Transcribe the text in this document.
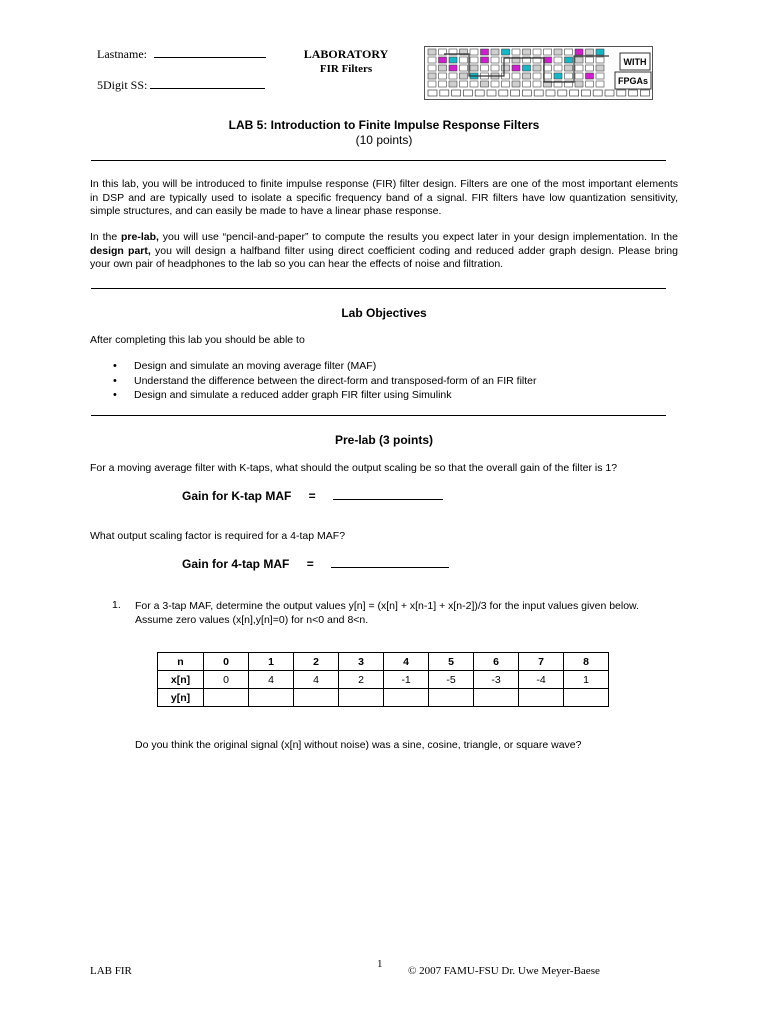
Lastname:
5Digit SS:
LABORATORY
FIR Filters
WITH
FPGAs
LAB 5: Introduction to Finite Impulse Response Filters
(10 points)
In this lab, you will be introduced to finite impulse response (FIR) filter design. Filters are one of the most important elements in DSP and are typically used to isolate a specific frequency band of a signal. FIR filters have low quantization sensitivity, simple structures, and can easily be made to have a linear phase response.
In the pre-lab, you will use “pencil-and-paper” to compute the results you expect later in your design implementation. In the design part, you will design a halfband filter using direct coefficient coding and reduced adder graph design. Please bring your own pair of headphones to the lab so you can hear the effects of noise and filtration.
Lab Objectives
After completing this lab you should be able to
• Design and simulate an moving average filter (MAF)
• Understand the difference between the direct-form and transposed-form of an FIR filter
• Design and simulate a reduced adder graph FIR filter using Simulink
Pre-lab (3 points)
For a moving average filter with K-taps, what should the output scaling be so that the overall gain of the filter is 1?
Gain for K-tap MAF =
What output scaling factor is required for a 4-tap MAF?
Gain for 4-tap MAF =
1. For a 3-tap MAF, determine the output values y[n] = (x[n] + x[n-1] + x[n-2])/3 for the input values given below. Assume zero values (x[n],y[n]=0) for n<0 and 8<n.
n	0	1	2	3	4	5	6	7	8
x[n]	0	4	4	2	-1	-5	-3	-4	1
y[n]									
Do you think the original signal (x[n] without noise) was a sine, cosine, triangle, or square wave?
LAB FIR
1
© 2007 FAMU-FSU Dr. Uwe Meyer-Baese
